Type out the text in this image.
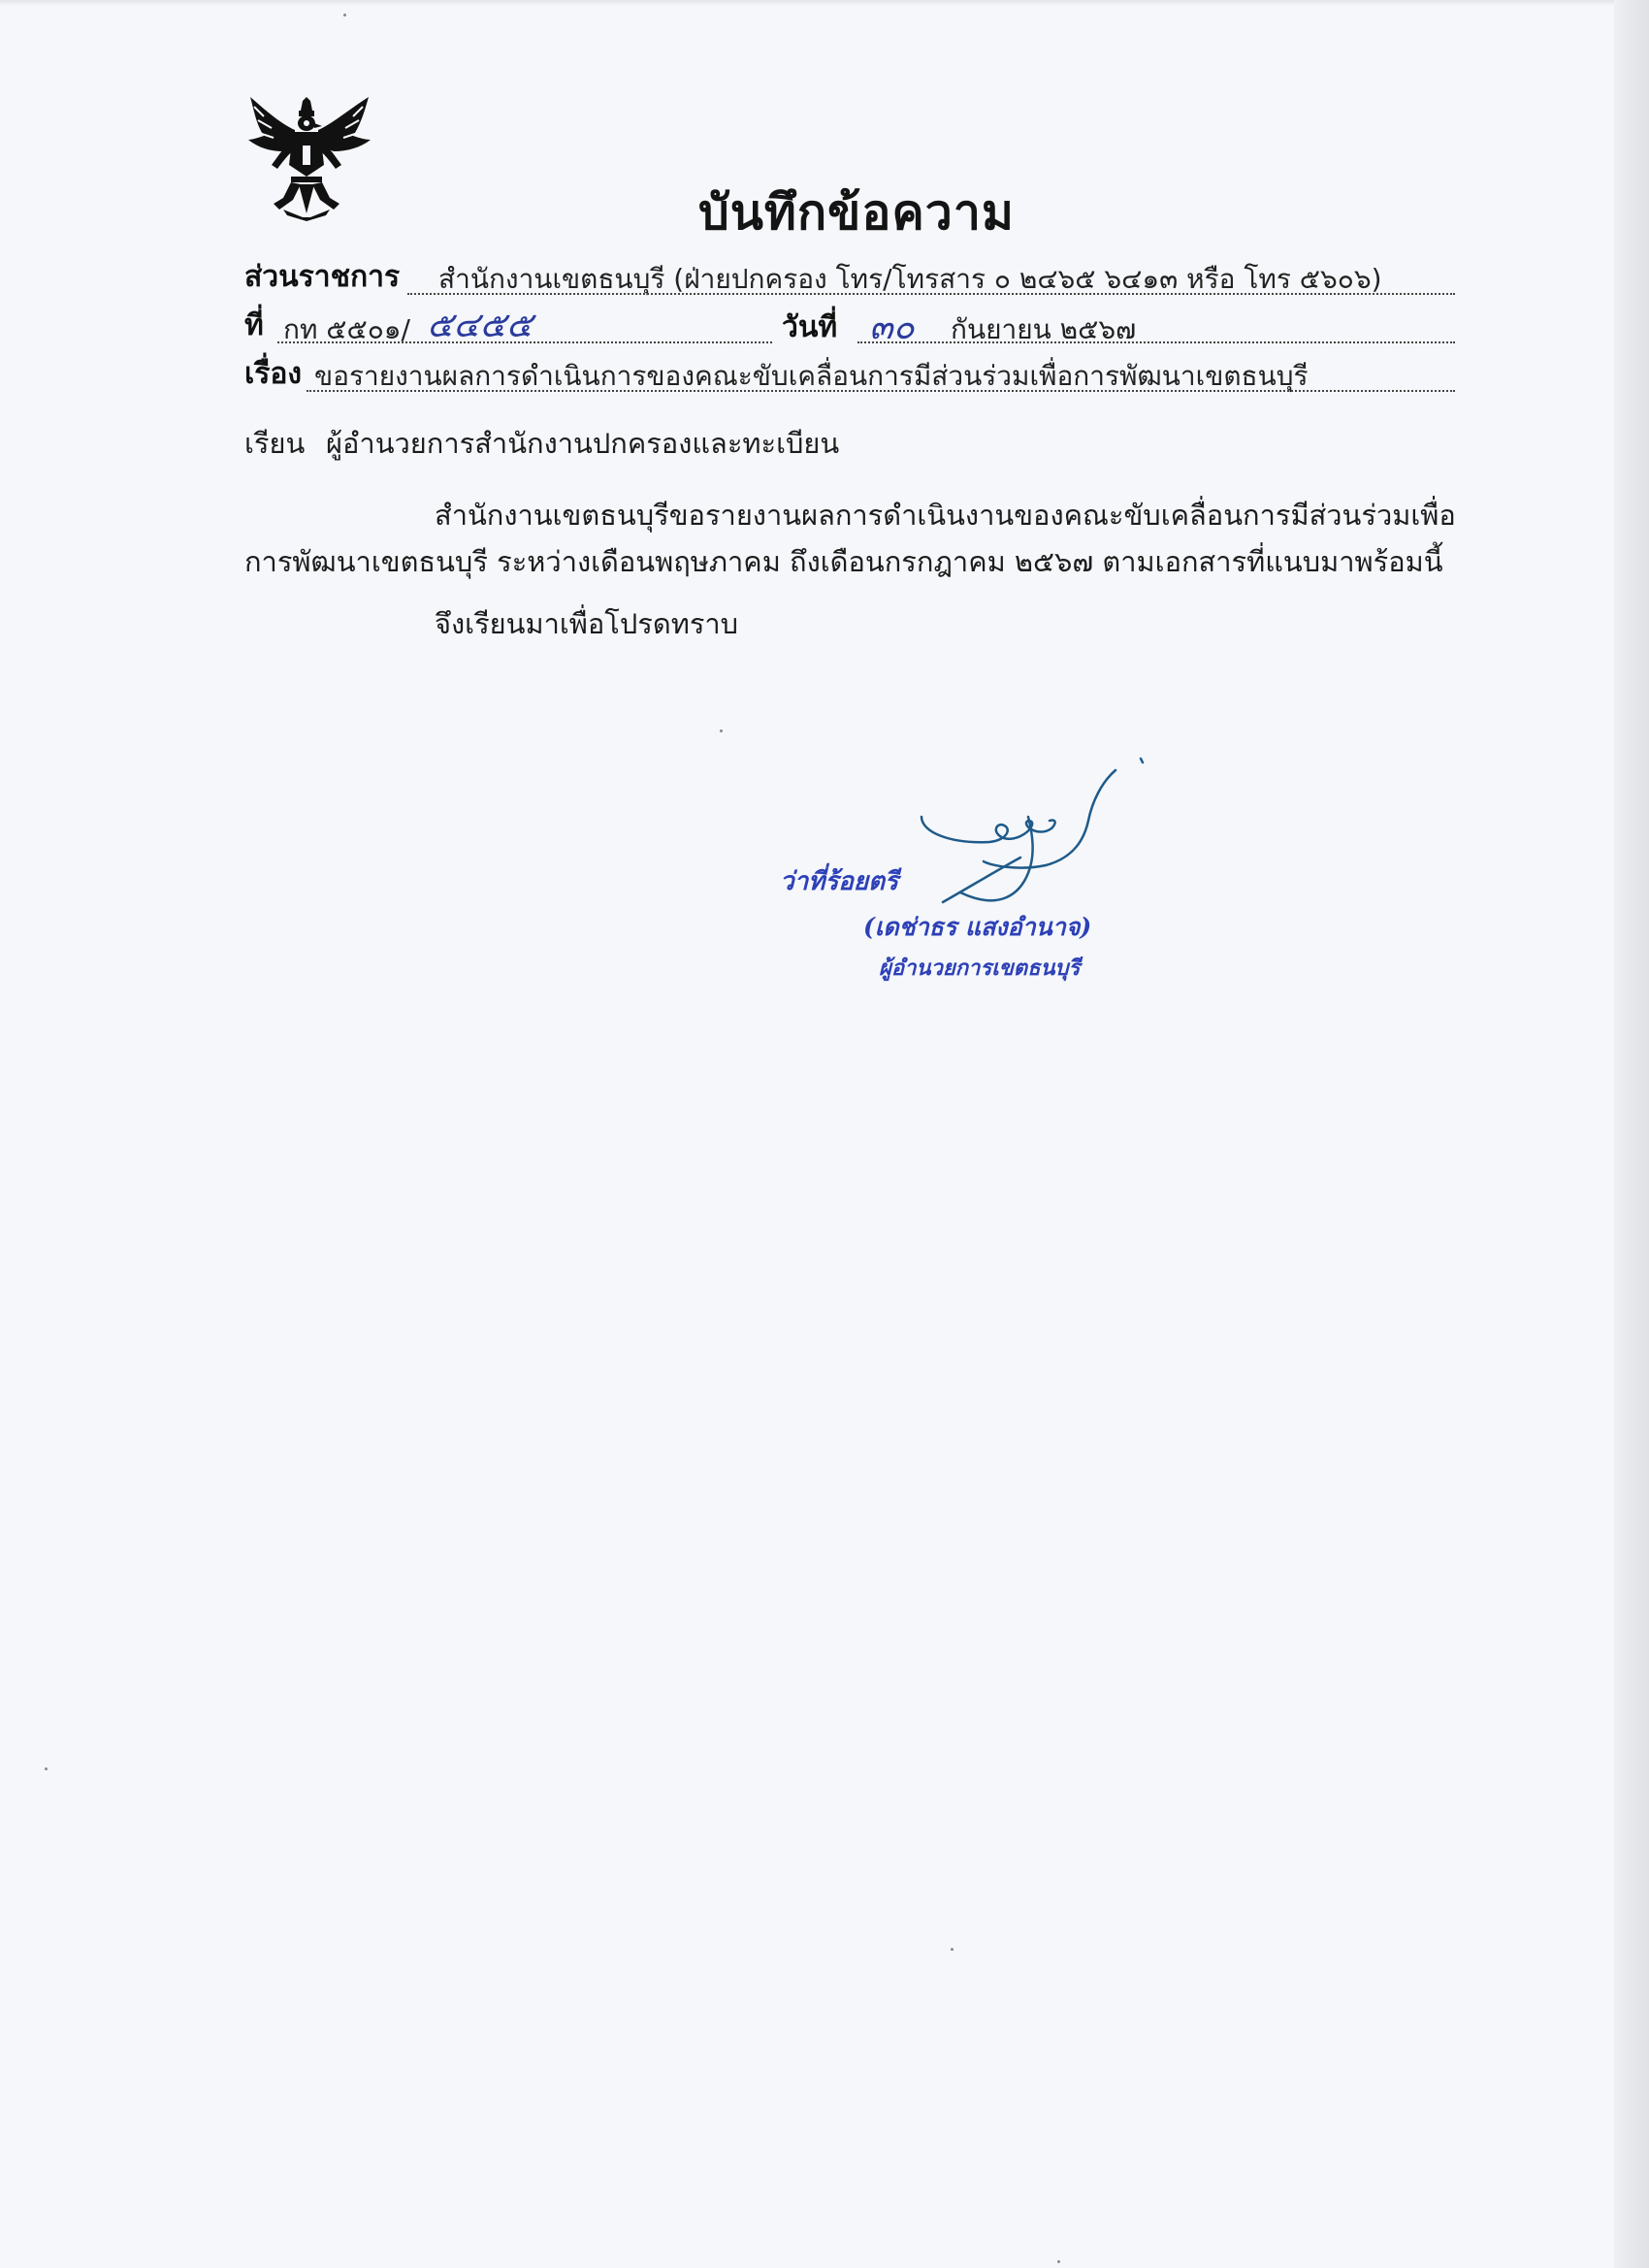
บันทึกข้อความ
ส่วนราชการ สำนักงานเขตธนบุรี (ฝ่ายปกครอง โทร/โทรสาร ๐ ๒๔๖๕ ๖๔๑๓ หรือ โทร ๕๖๐๖)
ที่ กท ๕๕๐๑/ ๕๔๕๕	วันที่ ๓๐ กันยายน ๒๕๖๗
เรื่อง ขอรายงานผลการดำเนินการของคณะขับเคลื่อนการมีส่วนร่วมเพื่อการพัฒนาเขตธนบุรี
เรียน ผู้อำนวยการสำนักงานปกครองและทะเบียน
สำนักงานเขตธนบุรีขอรายงานผลการดำเนินงานของคณะขับเคลื่อนการมีส่วนร่วมเพื่อ
การพัฒนาเขตธนบุรี ระหว่างเดือนพฤษภาคม ถึงเดือนกรกฎาคม ๒๕๖๗ ตามเอกสารที่แนบมาพร้อมนี้
จึงเรียนมาเพื่อโปรดทราบ
ว่าที่ร้อยตรี
(เดช่าธร แสงอำนาจ)
ผู้อำนวยการเขตธนบุรี
